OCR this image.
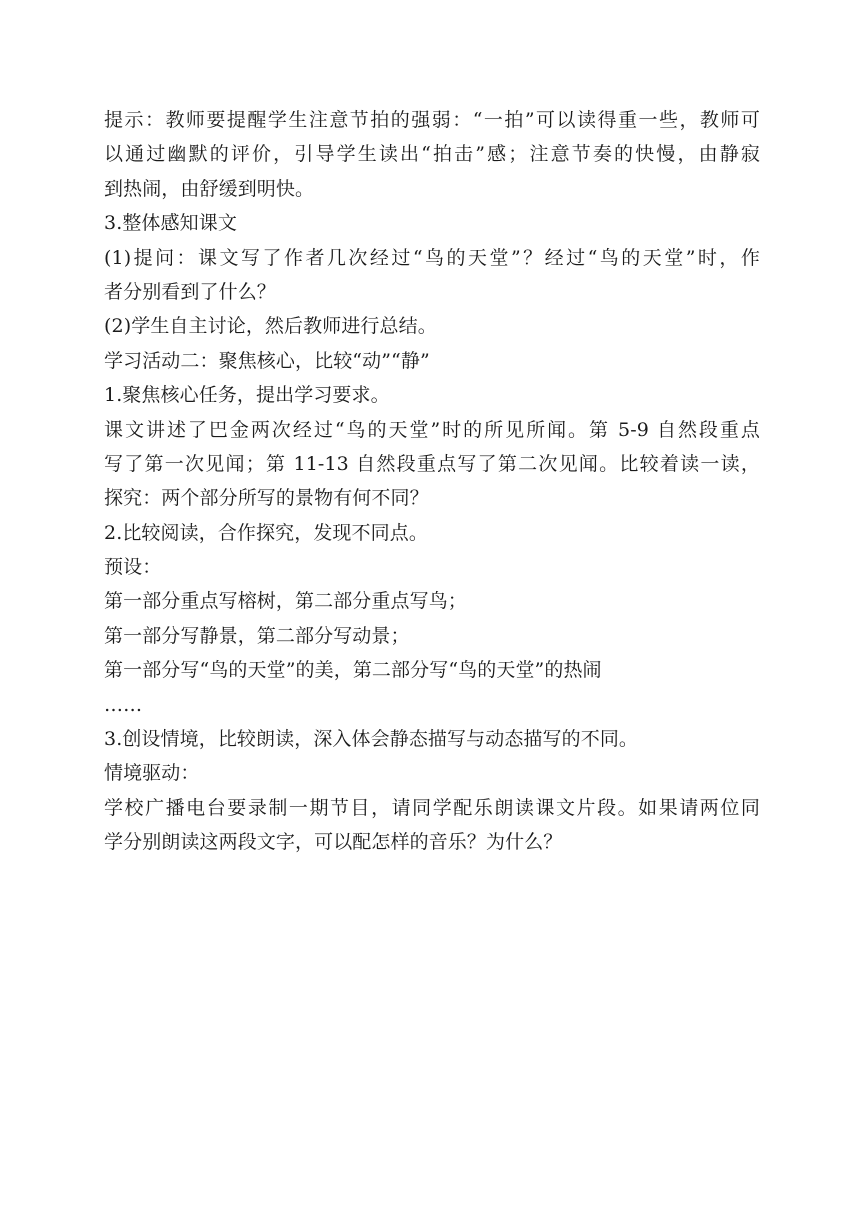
提示：教师要提醒学生注意节拍的强弱：“一拍”可以读得重一些，教师可
以通过幽默的评价，引导学生读出“拍击”感；注意节奏的快慢，由静寂
到热闹，由舒缓到明快。
3.整体感知课文
(1)提问：课文写了作者几次经过“鸟的天堂”？经过“鸟的天堂”时，作
者分别看到了什么？
(2)学生自主讨论，然后教师进行总结。
学习活动二：聚焦核心，比较“动”“静”
1.聚焦核心任务，提出学习要求。
课文讲述了巴金两次经过“鸟的天堂”时的所见所闻。第 5-9 自然段重点
写了第一次见闻；第 11-13 自然段重点写了第二次见闻。比较着读一读，
探究：两个部分所写的景物有何不同？
2.比较阅读，合作探究，发现不同点。
预设：
第一部分重点写榕树，第二部分重点写鸟；
第一部分写静景，第二部分写动景；
第一部分写“鸟的天堂”的美，第二部分写“鸟的天堂”的热闹
……
3.创设情境，比较朗读，深入体会静态描写与动态描写的不同。
情境驱动：
学校广播电台要录制一期节目，请同学配乐朗读课文片段。如果请两位同
学分别朗读这两段文字，可以配怎样的音乐？为什么？
